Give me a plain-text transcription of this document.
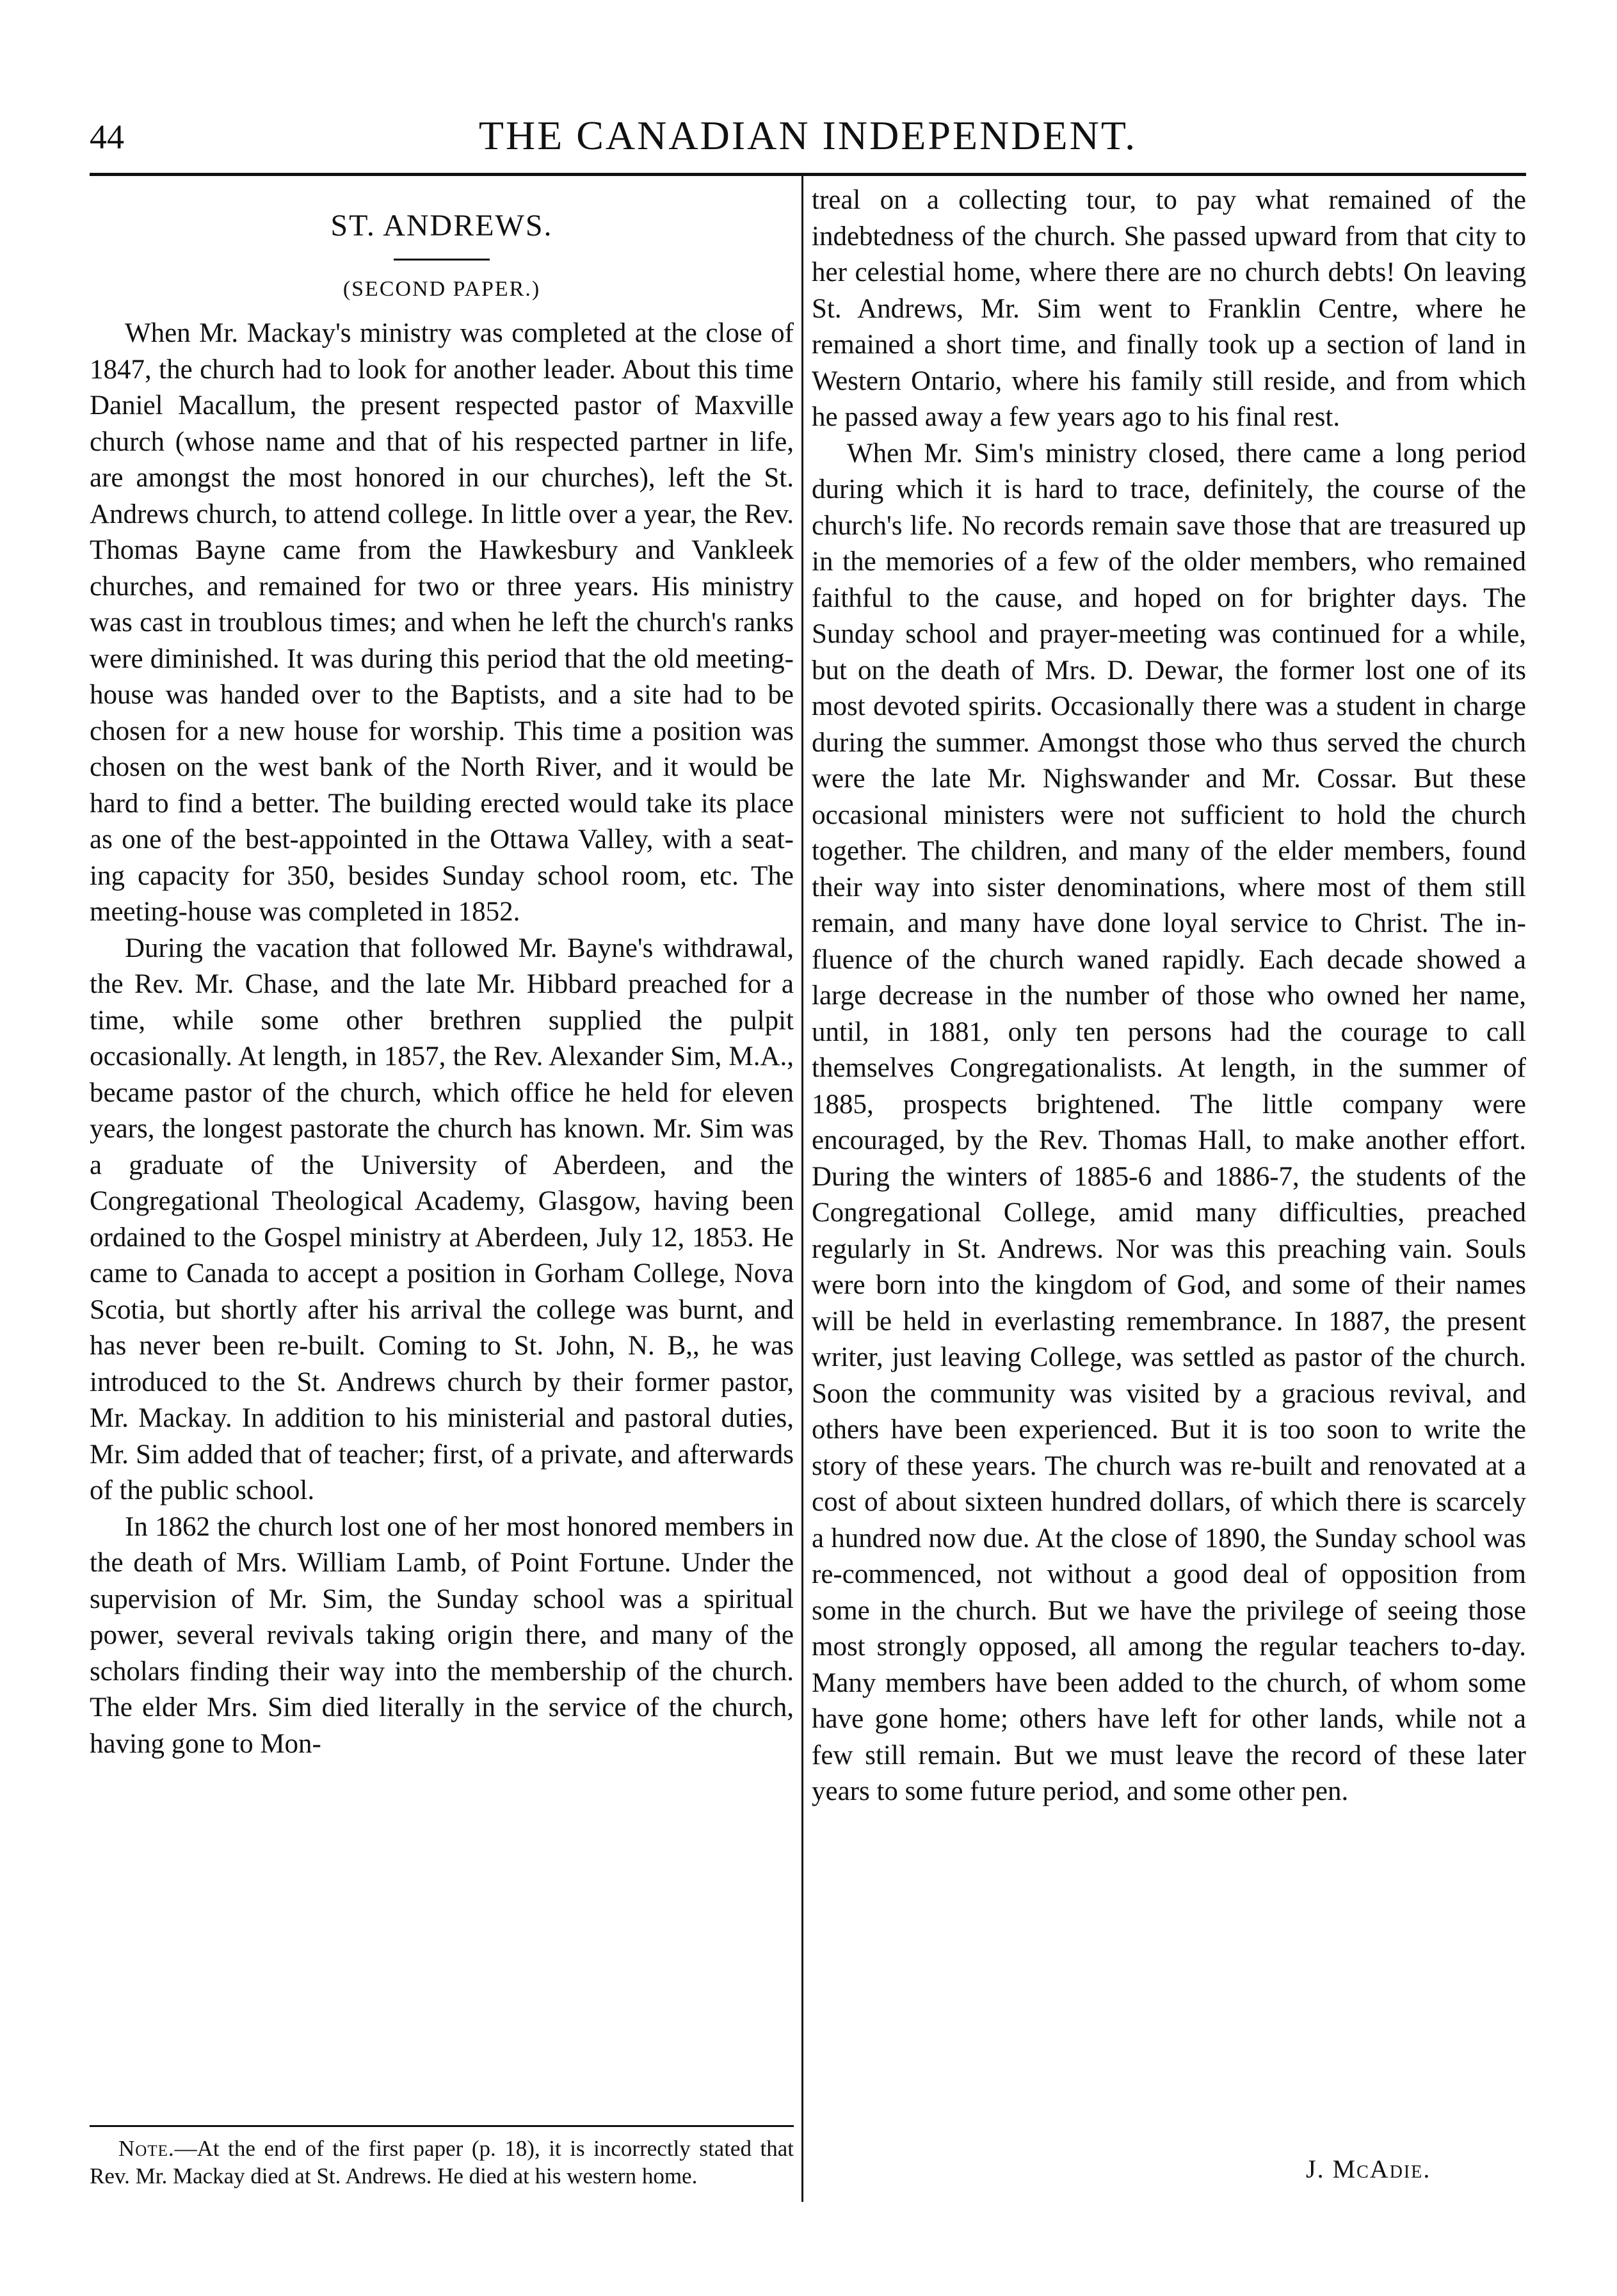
44	THE CANADIAN INDEPENDENT.
ST. ANDREWS.
(SECOND PAPER.)

When Mr. Mackay's ministry was completed at the close of 1847, the church had to look for another leader. About this time Daniel Macallum, the present respected pastor of Maxville church (whose name and that of his respected partner in life, are amongst the most honored in our churches), left the St. Andrews church, to attend college. In little over a year, the Rev. Thomas Bayne came from the Hawkesbury and Vankleek churches, and remained for two or three years. His ministry was cast in troublous times; and when he left the church's ranks were diminished. It was during this period that the old meeting-house was handed over to the Baptists, and a site had to be chosen for a new house for worship. This time a position was chosen on the west bank of the North River, and it would be hard to find a better. The building erected would take its place as one of the best-appointed in the Ottawa Valley, with a seating capacity for 350, besides Sunday school room, etc. The meeting-house was completed in 1852.

During the vacation that followed Mr. Bayne's withdrawal, the Rev. Mr. Chase, and the late Mr. Hibbard preached for a time, while some other brethren supplied the pulpit occasionally. At length, in 1857, the Rev. Alexander Sim, M.A., became pastor of the church, which office he held for eleven years, the longest pastorate the church has known. Mr. Sim was a graduate of the University of Aberdeen, and the Congregational Theological Academy, Glasgow, having been ordained to the Gospel ministry at Aberdeen, July 12, 1853. He came to Canada to accept a position in Gorham College, Nova Scotia, but shortly after his arrival the college was burnt, and has never been re-built. Coming to St. John, N. B,, he was introduced to the St. Andrews church by their former pastor, Mr. Mackay. In addition to his ministerial and pastoral duties, Mr. Sim added that of teacher; first, of a private, and afterwards of the public school.

In 1862 the church lost one of her most honored members in the death of Mrs. William Lamb, of Point Fortune. Under the supervision of Mr. Sim, the Sunday school was a spiritual power, several revivals taking origin there, and many of the scholars finding their way into the membership of the church. The elder Mrs. Sim died literally in the service of the church, having gone to Mon-

treal on a collecting tour, to pay what remained of the indebtedness of the church. She passed upward from that city to her celestial home, where there are no church debts! On leaving St. Andrews, Mr. Sim went to Franklin Centre, where he remained a short time, and finally took up a section of land in Western Ontario, where his family still reside, and from which he passed away a few years ago to his final rest.

When Mr. Sim's ministry closed, there came a long period during which it is hard to trace, definitely, the course of the church's life. No records remain save those that are treasured up in the memories of a few of the older members, who remained faithful to the cause, and hoped on for brighter days. The Sunday school and prayer-meeting was continued for a while, but on the death of Mrs. D. Dewar, the former lost one of its most devoted spirits. Occasionally there was a student in charge during the summer. Amongst those who thus served the church were the late Mr. Nighswander and Mr. Cossar. But these occasional ministers were not sufficient to hold the church together. The children, and many of the elder members, found their way into sister denominations, where most of them still remain, and many have done loyal service to Christ. The influence of the church waned rapidly. Each decade showed a large decrease in the number of those who owned her name, until, in 1881, only ten persons had the courage to call themselves Congregationalists. At length, in the summer of 1885, prospects brightened. The little company were encouraged, by the Rev. Thomas Hall, to make another effort. During the winters of 1885-6 and 1886-7, the students of the Congregational College, amid many difficulties, preached regularly in St. Andrews. Nor was this preaching vain. Souls were born into the kingdom of God, and some of their names will be held in everlasting remembrance. In 1887, the present writer, just leaving College, was settled as pastor of the church. Soon the community was visited by a gracious revival, and others have been experienced. But it is too soon to write the story of these years. The church was re-built and renovated at a cost of about sixteen hundred dollars, of which there is scarcely a hundred now due. At the close of 1890, the Sunday school was re-commenced, not without a good deal of opposition from some in the church. But we have the privilege of seeing those most strongly opposed, all among the regular teachers to-day. Many members have been added to the church, of whom some have gone home; others have left for other lands, while not a few still remain. But we must leave the record of these later years to some future period, and some other pen.

Note.—At the end of the first paper (p. 18), it is incorrectly stated that Rev. Mr. Mackay died at St. Andrews. He died at his western home.	J. McAdie.
